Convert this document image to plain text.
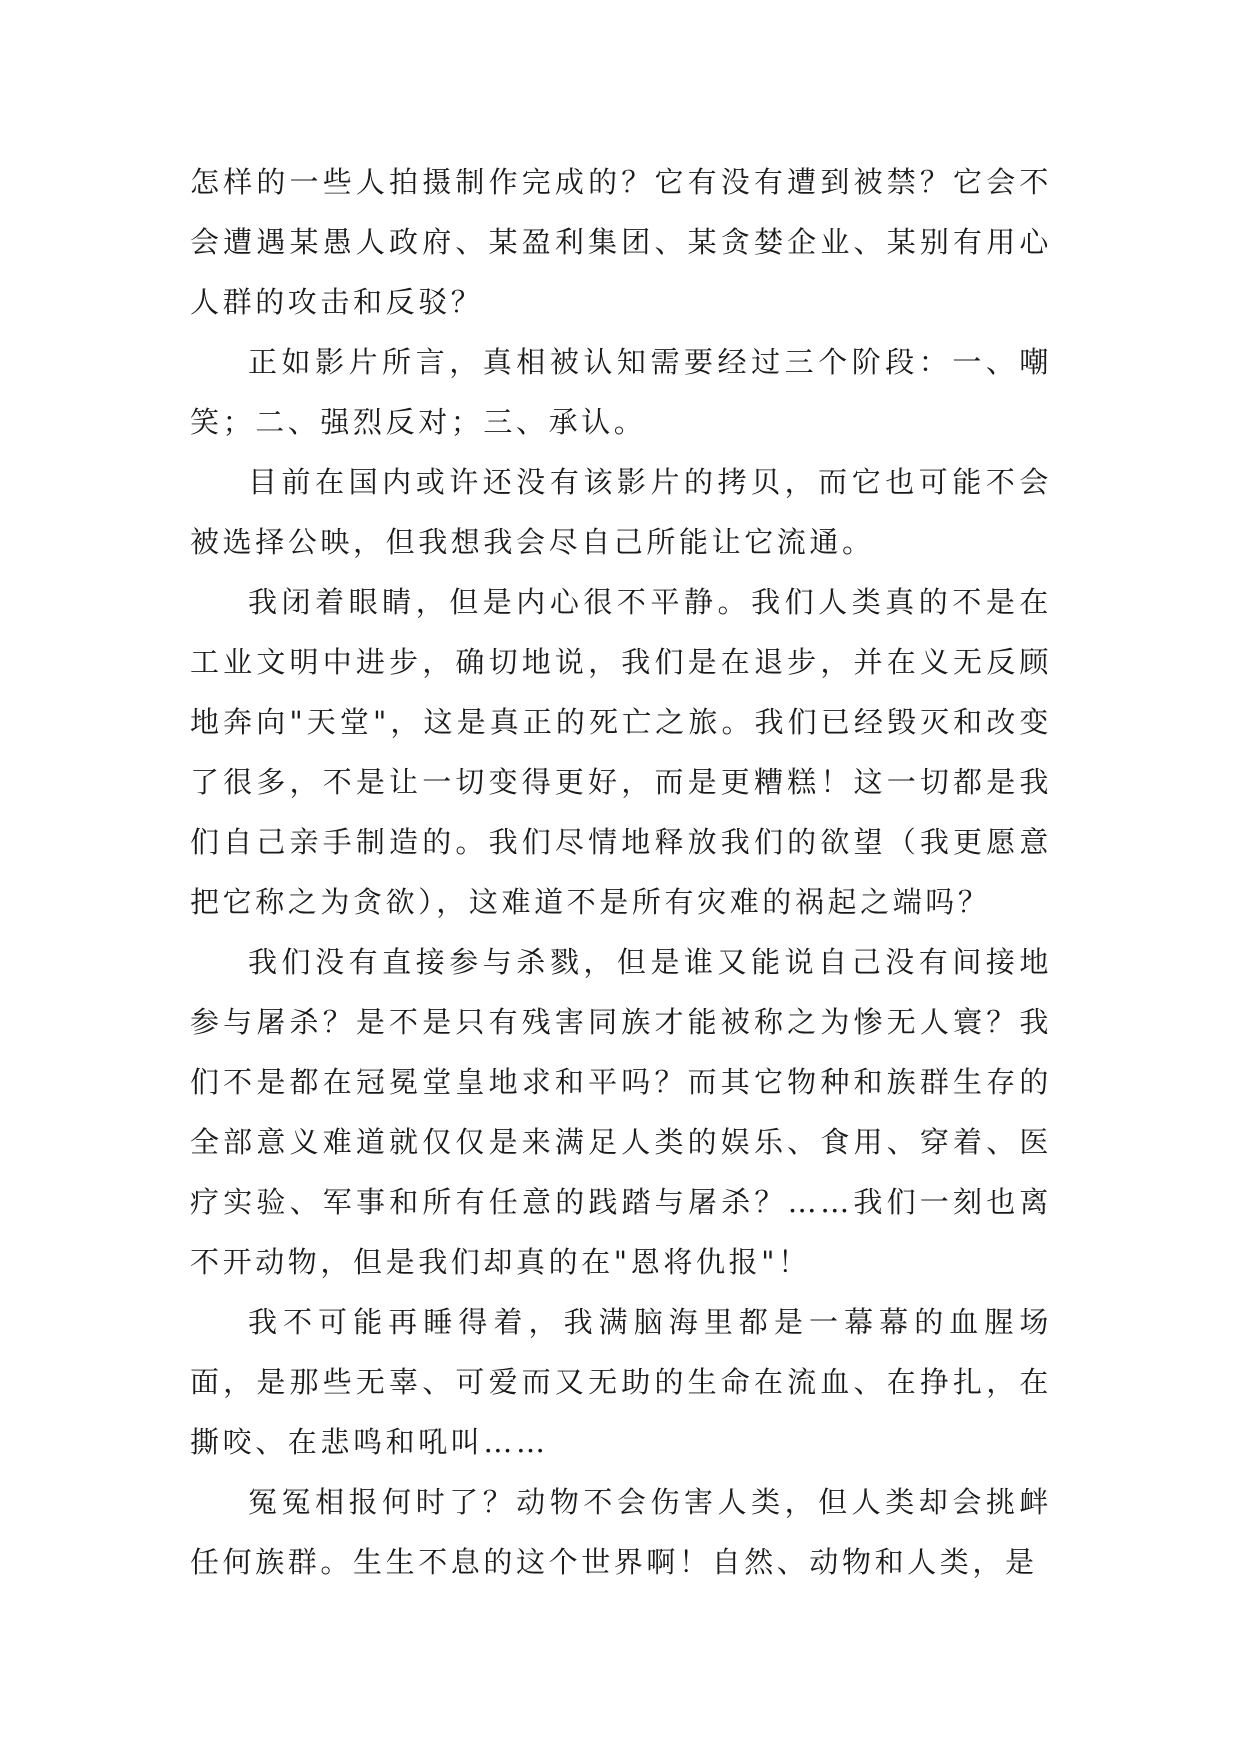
怎样的一些人拍摄制作完成的？它有没有遭到被禁？它会不会遭遇某愚人政府、某盈利集团、某贪婪企业、某别有用心人群的攻击和反驳？

正如影片所言，真相被认知需要经过三个阶段：一、嘲笑；二、强烈反对；三、承认。

目前在国内或许还没有该影片的拷贝，而它也可能不会被选择公映，但我想我会尽自己所能让它流通。

我闭着眼睛，但是内心很不平静。我们人类真的不是在工业文明中进步，确切地说，我们是在退步，并在义无反顾地奔向"天堂"，这是真正的死亡之旅。我们已经毁灭和改变了很多，不是让一切变得更好，而是更糟糕！这一切都是我们自己亲手制造的。我们尽情地释放我们的欲望（我更愿意把它称之为贪欲），这难道不是所有灾难的祸起之端吗？

我们没有直接参与杀戮，但是谁又能说自己没有间接地参与屠杀？是不是只有残害同族才能被称之为惨无人寰？我们不是都在冠冕堂皇地求和平吗？而其它物种和族群生存的全部意义难道就仅仅是来满足人类的娱乐、食用、穿着、医疗实验、军事和所有任意的践踏与屠杀？……我们一刻也离不开动物，但是我们却真的在"恩将仇报"！

我不可能再睡得着，我满脑海里都是一幕幕的血腥场面，是那些无辜、可爱而又无助的生命在流血、在挣扎，在撕咬、在悲鸣和吼叫……

冤冤相报何时了？动物不会伤害人类，但人类却会挑衅任何族群。生生不息的这个世界啊！自然、动物和人类，是
